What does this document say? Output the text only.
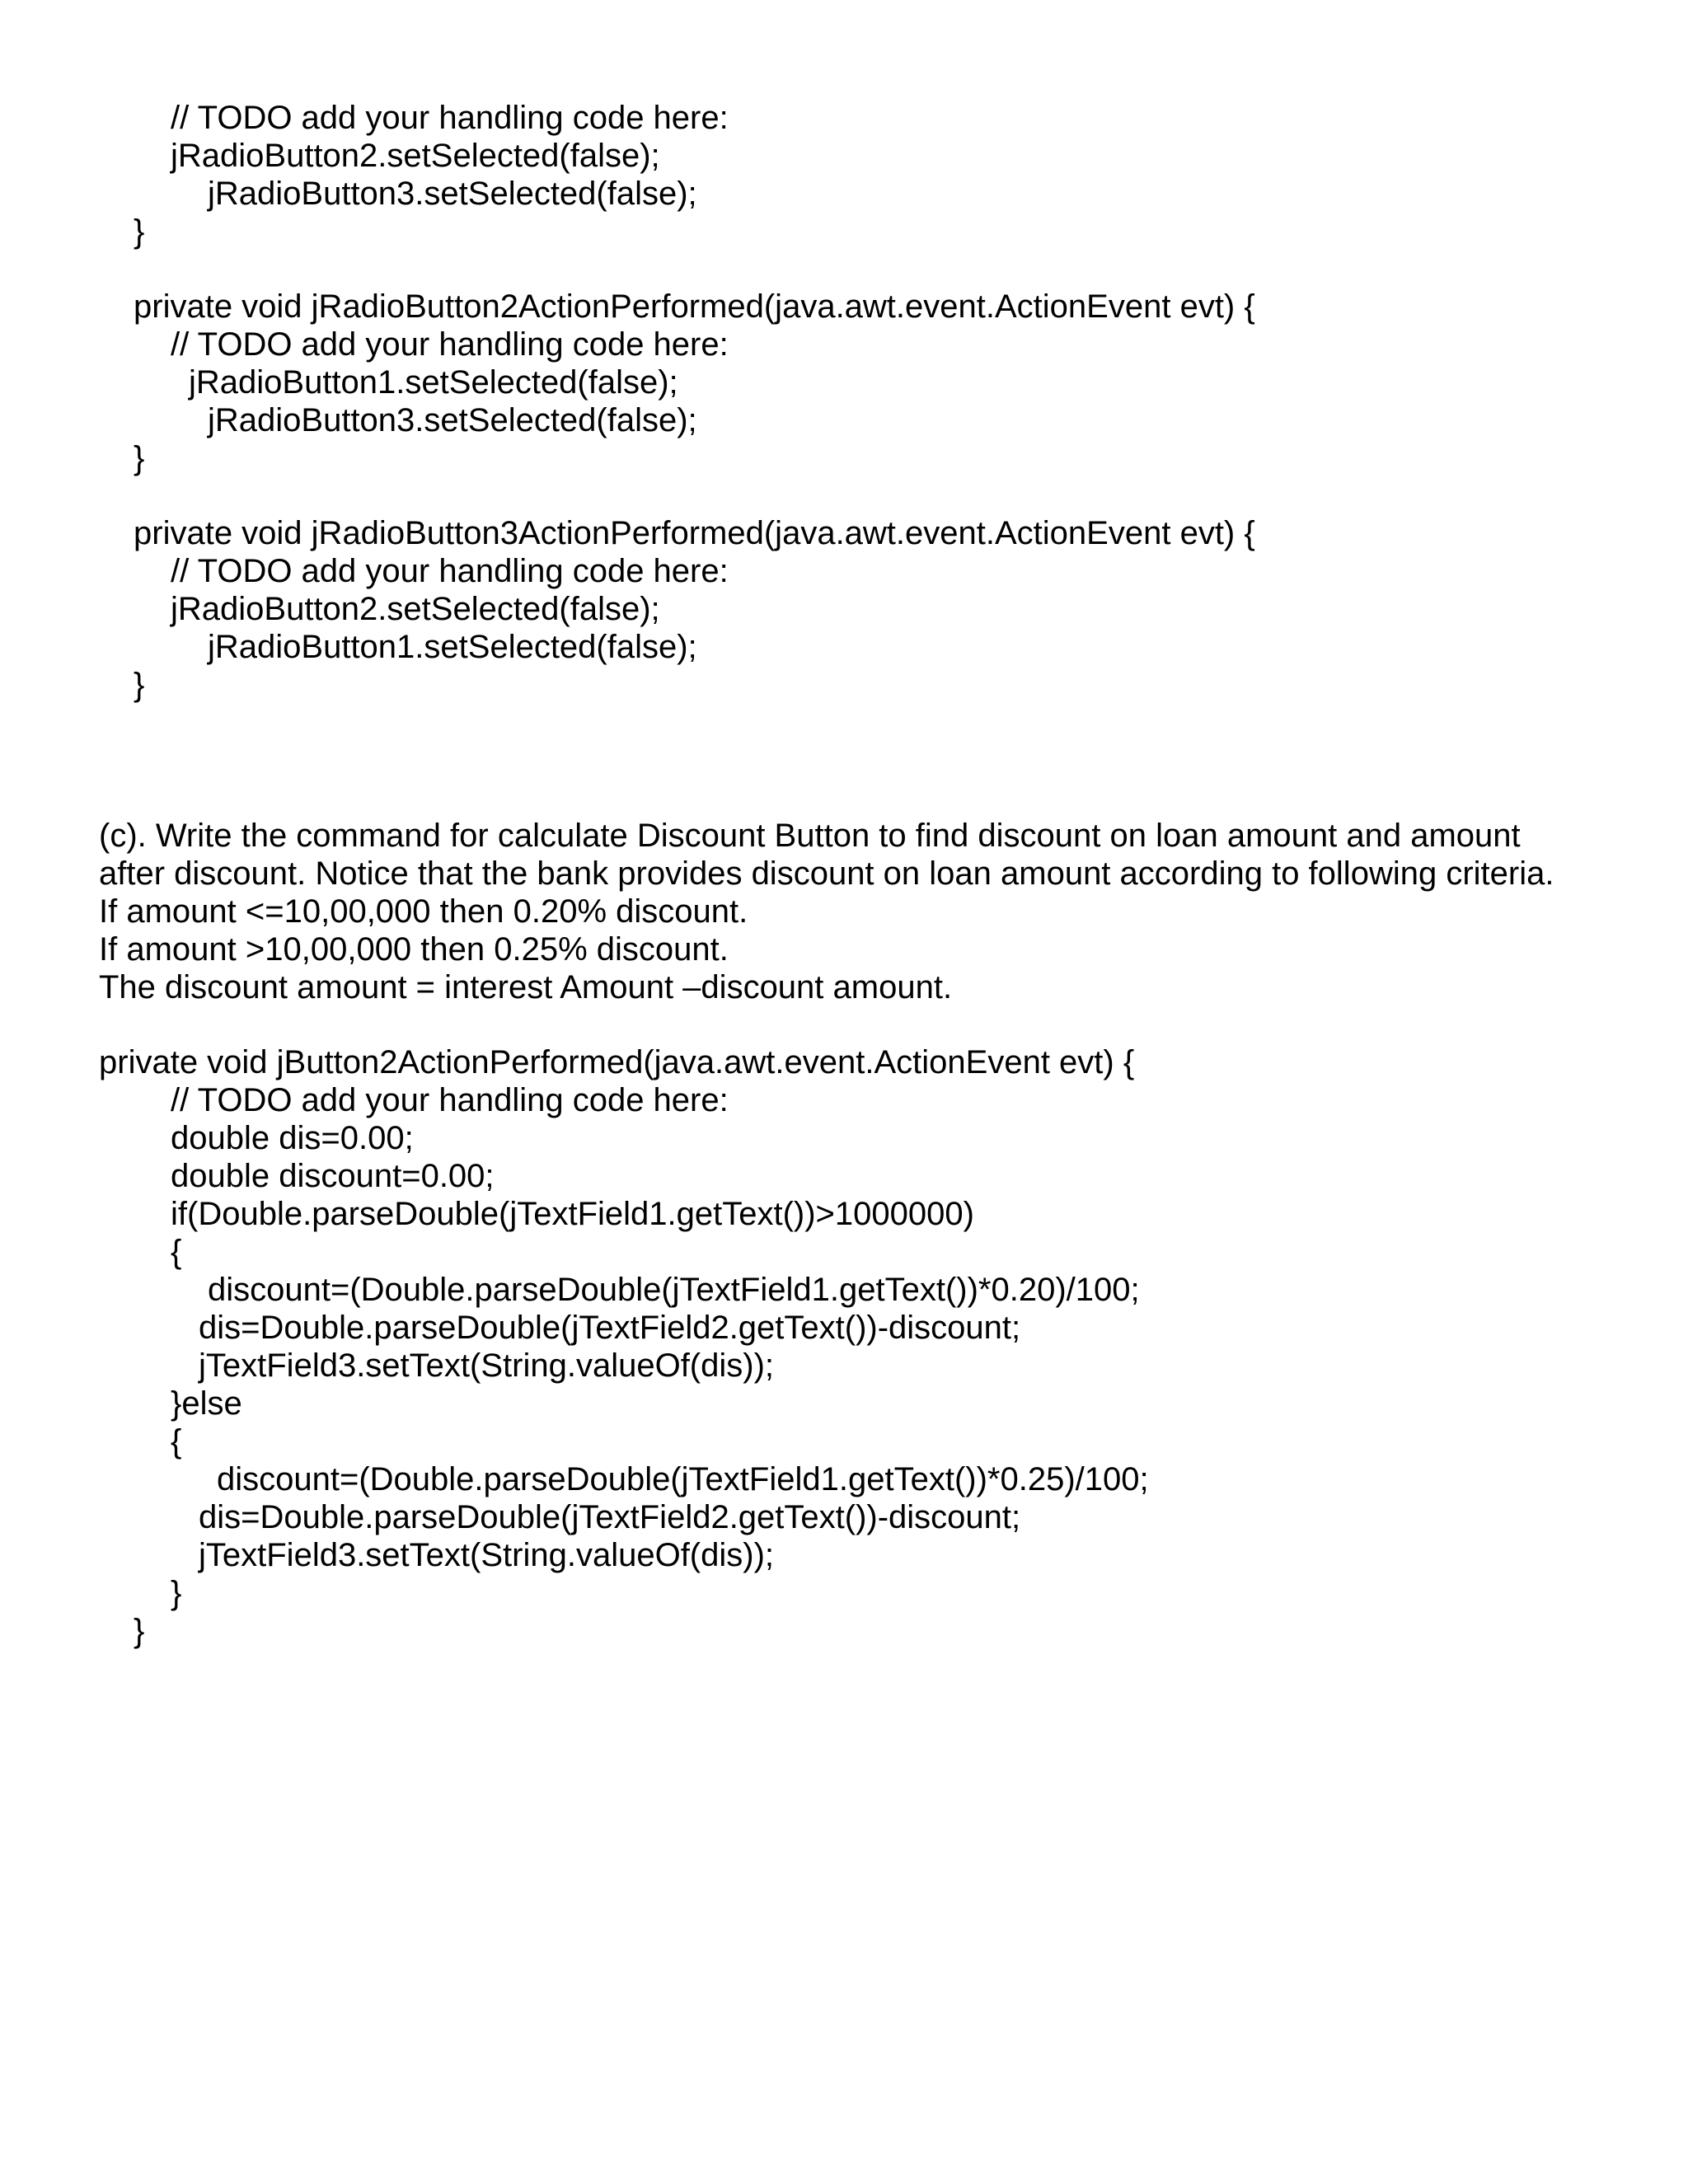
// TODO add your handling code here:

jRadioButton2.setSelected(false);

jRadioButton3.setSelected(false);

}

private void jRadioButton2ActionPerformed(java.awt.event.ActionEvent evt) {

// TODO add your handling code here:

jRadioButton1.setSelected(false);

jRadioButton3.setSelected(false);

}

private void jRadioButton3ActionPerformed(java.awt.event.ActionEvent evt) {

// TODO add your handling code here:

jRadioButton2.setSelected(false);

jRadioButton1.setSelected(false);

}

(c). Write the command for calculate Discount Button to find discount on loan amount and amount

after discount. Notice that the bank provides discount on loan amount according to following criteria.

If amount <=10,00,000 then 0.20% discount.

If amount >10,00,000 then 0.25% discount.

The discount amount = interest Amount –discount amount.

private void jButton2ActionPerformed(java.awt.event.ActionEvent evt) {

// TODO add your handling code here:

double dis=0.00;

double discount=0.00;

if(Double.parseDouble(jTextField1.getText())>1000000)

{

discount=(Double.parseDouble(jTextField1.getText())*0.20)/100;

dis=Double.parseDouble(jTextField2.getText())-discount;

jTextField3.setText(String.valueOf(dis));

}else

{

discount=(Double.parseDouble(jTextField1.getText())*0.25)/100;

dis=Double.parseDouble(jTextField2.getText())-discount;

jTextField3.setText(String.valueOf(dis));

}

}
